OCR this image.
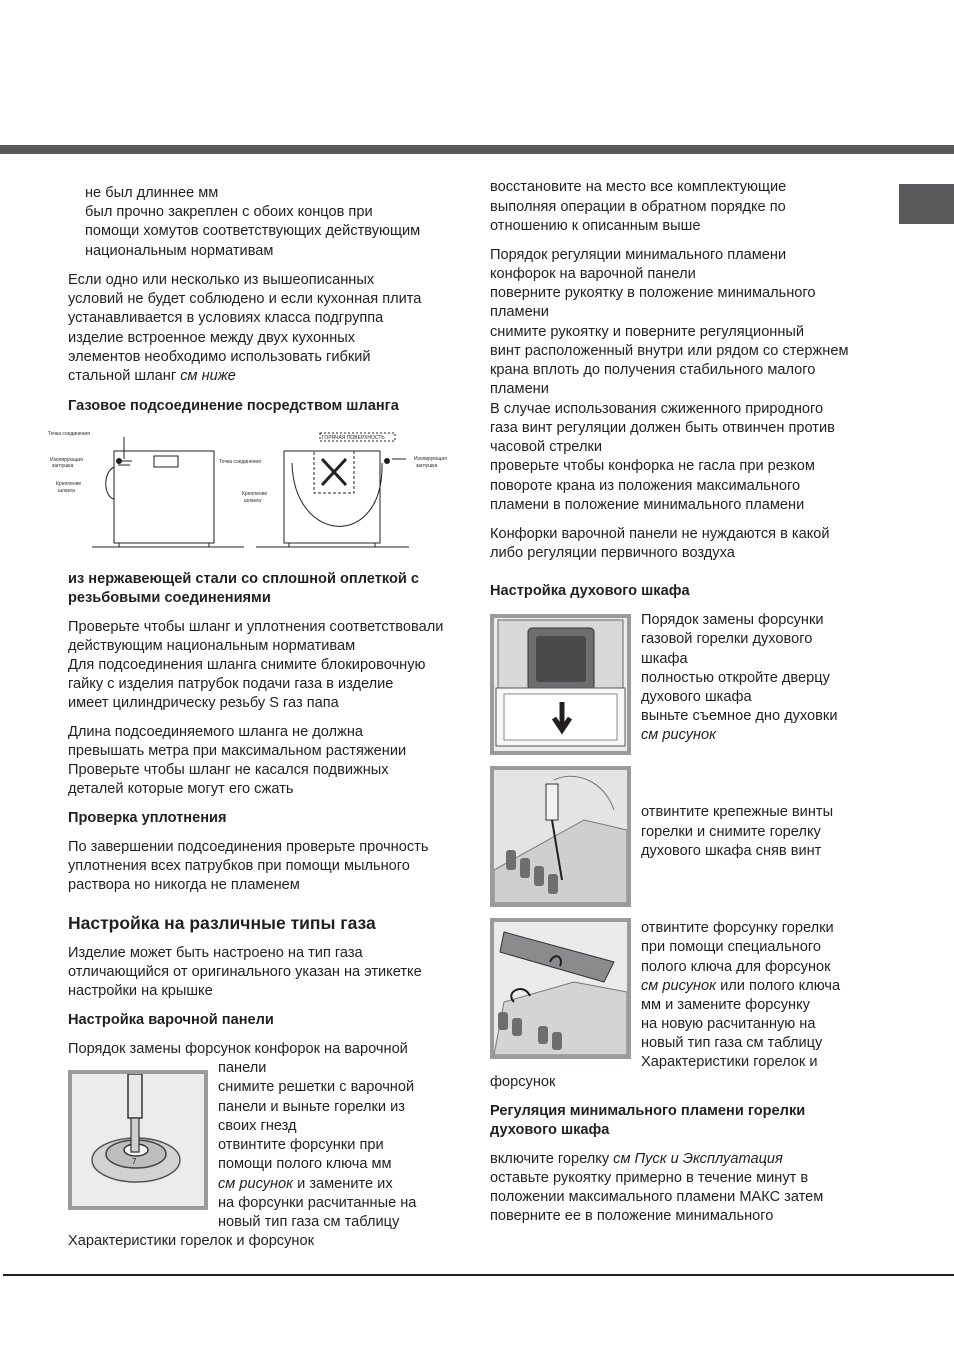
не был длиннее мм
был прочно закреплен с обоих концов при
помощи хомутов соответствующих действующим
национальным нормативам
Если одно или несколько из вышеописанных
условий не будет соблюдено и если кухонная плита
устанавливается в условиях класса подгруппа
изделие встроенное между двух кухонных
элементов необходимо использовать гибкий
стальной шланг см ниже
Газовое подсоединение посредством шланга
Точка соединения
Изолирующая
заглушка
Крепление
шланга
ГОРЯЧАЯ ПОВЕРХНОСТЬ
Точка соединения	Изолирующая
заглушка
Крепление
шланга
из нержавеющей стали со сплошной оплеткой с
резьбовыми соединениями
Проверьте чтобы шланг и уплотнения соответствовали
действующим национальным нормативам
Для подсоединения шланга снимите блокировочную
гайку с изделия патрубок подачи газа в изделие
имеет цилиндрическу резьбу S газ папа
Длина подсоединяемого шланга не должна
превышать метра при максимальном растяжении
Проверьте чтобы шланг не касался подвижных
деталей которые могут его сжать
Проверка уплотнения
По завершении подсоединения проверьте прочность
уплотнения всех патрубков при помощи мыльного
раствора но никогда не пламенем
Настройка на различные типы газа
Изделие может быть настроено на тип газа
отличающийся от оригинального указан на этикетке
настройки на крышке
Настройка варочной панели
Порядок замены форсунок конфорок на варочной
7
панели
снимите решетки с варочной
панели и выньте горелки из
своих гнезд
отвинтите форсунки при
помощи полого ключа мм
см рисунок и замените их
на форсунки расчитанные на
новый тип газа см таблицу
Характеристики горелок и форсунок
восстановите на место все комплектующие
выполняя операции в обратном порядке по
отношению к описанным выше
Порядок регуляции минимального пламени
конфорок на варочной панели
поверните рукоятку в положение минимального
пламени
снимите рукоятку и поверните регуляционный
винт расположенный внутри или рядом со стержнем
крана вплоть до получения стабильного малого
пламени
В случае использования сжиженного природного
газа винт регуляции должен быть отвинчен против
часовой стрелки
проверьте чтобы конфорка не гасла при резком
повороте крана из положения максимального
пламени в положение минимального пламени
Конфорки варочной панели не нуждаются в какой
либо регуляции первичного воздуха
Настройка духового шкафа
Порядок замены форсунки
газовой горелки духового
шкафа
полностью откройте дверцу
духового шкафа
выньте съемное дно духовки
см рисунок
отвинтите крепежные винты
горелки и снимите горелку
духового шкафа сняв винт
отвинтите форсунку горелки
при помощи специального
полого ключа для форсунок
см рисунок или полого ключа
мм и замените форсунку
на новую расчитанную на
новый тип газа см таблицу
Характеристики горелок и
форсунок
Регуляция минимального пламени горелки
духового шкафа
включите горелку см Пуск и Эксплуатация
оставьте рукоятку примерно в течение минут в
положении максимального пламени МАКС затем
поверните ее в положение минимального
